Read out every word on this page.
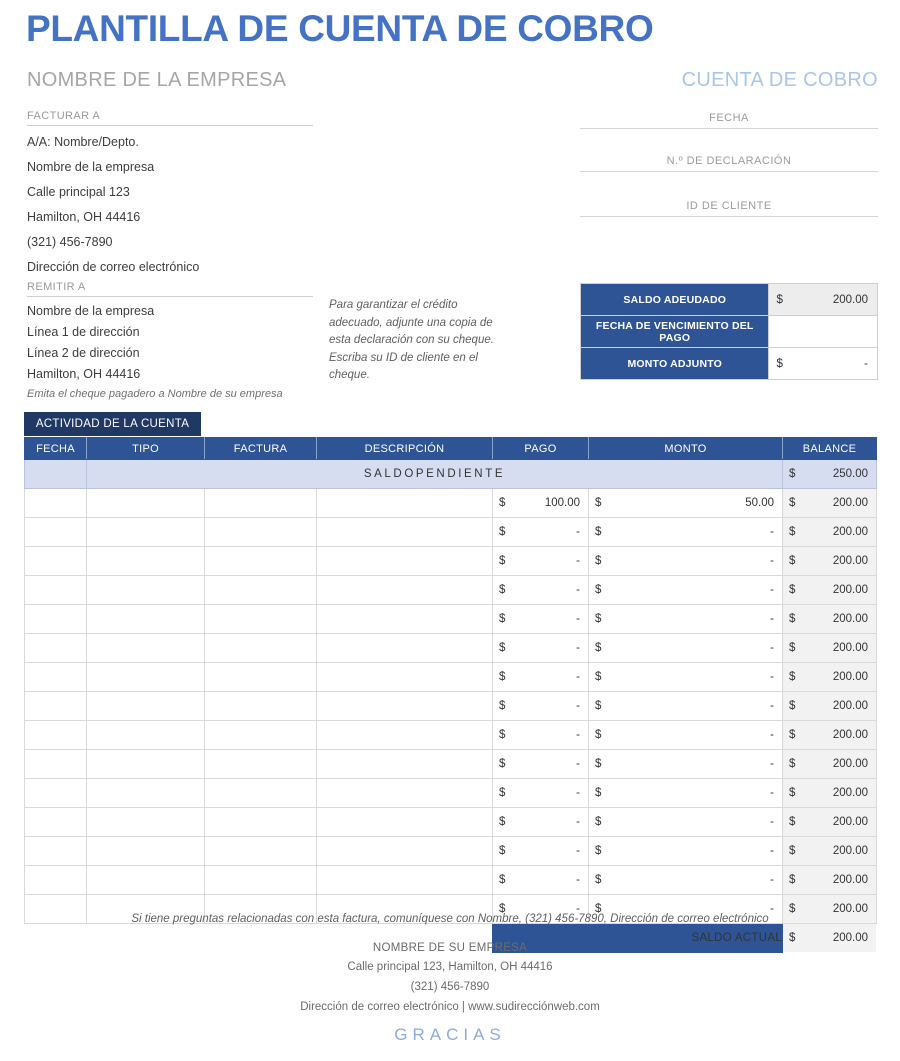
PLANTILLA DE CUENTA DE COBRO
NOMBRE DE LA EMPRESA	CUENTA DE COBRO
FACTURAR A
A/A: Nombre/Depto.
Nombre de la empresa
Calle principal 123
Hamilton, OH 44416
(321) 456-7890
Dirección de correo electrónico
REMITIR A
Nombre de la empresa
Línea 1 de dirección
Línea 2 de dirección
Hamilton, OH 44416
Emita el cheque pagadero a Nombre de su empresa
Para garantizar el crédito adecuado, adjunte una copia de esta declaración con su cheque. Escriba su ID de cliente en el cheque.
FECHA
N.º DE DECLARACIÓN
ID DE CLIENTE
SALDO ADEUDADO	$ 200.00

FECHA DE VENCIMIENTO DEL PAGO	

MONTO ADJUNTO	$ -
ACTIVIDAD DE LA CUENTA
FECHA	TIPO	FACTURA	DESCRIPCIÓN	PAGO	MONTO	BALANCE
	SALDOPENDIENTE					$ 250.00

				$ 100.00	$ 50.00	$ 200.00

				$ -	$ -	$ 200.00

				$ -	$ -	$ 200.00

				$ -	$ -	$ 200.00

				$ -	$ -	$ 200.00

				$ -	$ -	$ 200.00

				$ -	$ -	$ 200.00

				$ -	$ -	$ 200.00

				$ -	$ -	$ 200.00

				$ -	$ -	$ 200.00

				$ -	$ -	$ 200.00

				$ -	$ -	$ 200.00

				$ -	$ -	$ 200.00

				$ -	$ -	$ 200.00

				$ -	$ -	$ 200.00

				SALDO ACTUAL		$ 200.00
Si tiene preguntas relacionadas con esta factura, comuníquese con Nombre, (321) 456-7890, Dirección de correo electrónico
NOMBRE DE SU EMPRESA
Calle principal 123, Hamilton, OH 44416
(321) 456-7890
Dirección de correo electrónico | www.sudirecciónweb.com
GRACIAS
